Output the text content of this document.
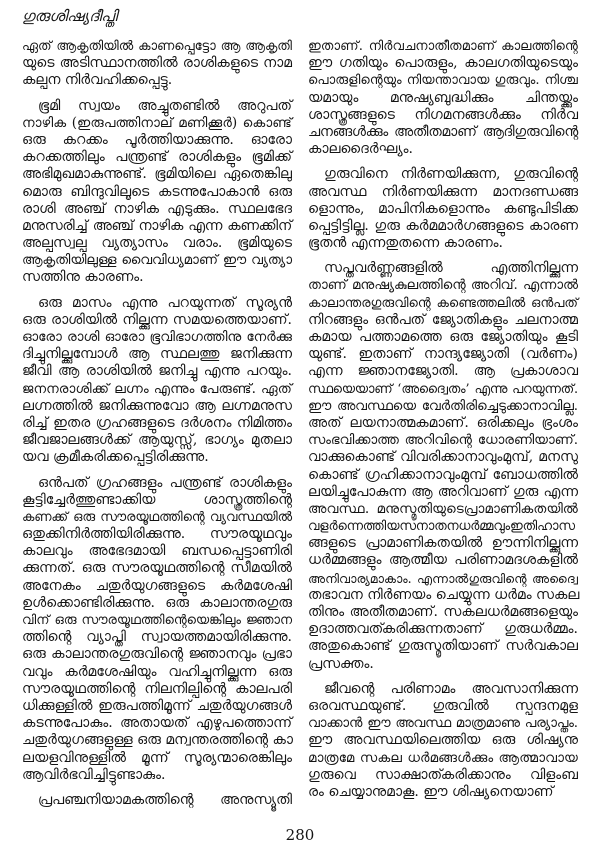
ഗുരുശിഷ്യദീപ്തി
ഏത് ആകൃതിയിൽ കാണപ്പെട്ടോ ആ ആകൃതി
യുടെ അടിസ്ഥാനത്തിൽ രാശികളുടെ നാമ
കല്പന നിർവഹിക്കപ്പെട്ടു.
ഭൂമി സ്വയം അച്ചുതണ്ടിൽ അറുപത്
നാഴിക (ഇരുപത്തിനാല് മണിക്കൂർ) കൊണ്ട്
ഒരു കറക്കം പൂർത്തിയാക്കുന്നു. ഓരോ
കറക്കത്തിലും പന്ത്രണ്ട് രാശികളും ഭൂമിക്ക്
അഭിമുഖമാകുന്നുണ്ട്. ഭൂമിയിലെ ഏതെങ്കിലു
മൊരു ബിന്ദുവിലൂടെ കടന്നുപോകാൻ ഒരു
രാശി അഞ്ച് നാഴിക എടുക്കും. സ്ഥലഭേദ
മനുസരിച്ച് അഞ്ച് നാഴിക എന്ന കണക്കിന്
അല്പസ്വല്പ വ്യത്യാസം വരാം. ഭൂമിയുടെ
ആകൃതിയിലുള്ള വൈവിധ്യമാണ് ഈ വ്യത്യാ
സത്തിനു കാരണം.
ഒരു മാസം എന്നു പറയുന്നത് സൂര്യൻ
ഒരു രാശിയിൽ നില്ക്കുന്ന സമയത്തെയാണ്.
ഓരോ രാശി ഓരോ ഭൂവിഭാഗത്തിനു നേർക്കു
ദിച്ചുനില്ക്കുമ്പോൾ ആ സ്ഥലത്തു ജനിക്കുന്ന
ജീവി ആ രാശിയിൽ ജനിച്ചു എന്നു പറയും.
ജനനരാശിക്ക് ലഗ്നം എന്നും പേരുണ്ട്. ഏത്
ലഗ്നത്തിൽ ജനിക്കുന്നുവോ ആ ലഗ്നമനുസ
രിച്ച് ഇതര ഗ്രഹങ്ങളുടെ ദർശനം നിമിത്തം
ജീവജാലങ്ങൾക്ക് ആയുസ്സ്, ഭാഗ്യം മുതലാ
യവ ക്രമീകരിക്കപ്പെട്ടിരിക്കുന്നു.
ഒൻപത് ഗ്രഹങ്ങളും പന്ത്രണ്ട് രാശികളും
കൂട്ടിച്ചേർത്തുണ്ടാക്കിയ ശാസ്ത്രത്തിന്റെ
കണക്ക് ഒരു സൗരയൂഥത്തിന്റെ വ്യവസ്ഥയിൽ
ഒതുക്കിനിർത്തിയിരിക്കുന്നു. സൗരയൂഥവും
കാലവും അഭേദമായി ബന്ധപ്പെട്ടാണിരി
ക്കുന്നത്. ഒരു സൗരയൂഥത്തിന്റെ സീമയിൽ
അനേകം ചതുർയുഗങ്ങളുടെ കർമശേഷി
ഉൾക്കൊണ്ടിരിക്കുന്നു. ഒരു കാലാന്തരഗുരു
വിന് ഒരു സൗരയൂഥത്തിന്റെയെങ്കിലും ജ്ഞാന
ത്തിന്റെ വ്യാപ്തി സ്വായത്തമായിരിക്കുന്നു.
ഒരു കാലാന്തരഗുരുവിന്റെ ജ്ഞാനവും പ്രഭാ
വവും കർമശേഷിയും വഹിച്ചുനില്ക്കുന്ന ഒരു
സൗരയൂഥത്തിന്റെ നിലനില്പിന്റെ കാലപരി
ധിക്കുള്ളിൽ ഇരുപത്തിമൂന്ന് ചതുർയുഗങ്ങൾ
കടന്നുപോകും. അതായത് എഴുപത്തൊന്ന്
ചതുർയുഗങ്ങളുള്ള ഒരു മന്വന്തരത്തിന്റെ കാ
ലയളവിനുള്ളിൽ മൂന്ന് സൂര്യന്മാരെങ്കിലും
ആവിർഭവിച്ചിട്ടുണ്ടാകും.
പ്രപഞ്ചനിയാമകത്തിന്റെ അനുസ്യൂതി
ഇതാണ്. നിർവചനാതീതമാണ് കാലത്തിന്റെ
ഈ ഗതിയും പൊരുളും, കാലഗതിയുടെയും
പൊരുളിന്റെയും നിയന്താവായ ഗുരുവും. നിശ്ച
യമായും മനുഷ്യബുദ്ധിക്കും ചിന്തയ്ക്കും
ശാസ്ത്രങ്ങളുടെ നിഗമനങ്ങൾക്കും നിർവ
ചനങ്ങൾക്കും അതീതമാണ് ആദിഗുരുവിന്റെ
കാലദൈർഘ്യം.
ഗുരുവിനെ നിർണയിക്കുന്ന, ഗുരുവിന്റെ
അവസ്ഥ നിർണയിക്കുന്ന മാനദണ്ഡങ്ങ
ളൊന്നും, മാപിനികളൊന്നും കണ്ടുപിടിക്ക
പ്പെട്ടിട്ടില്ല. ഗുരു കർമമാർഗങ്ങളുടെ കാരണ
ഭൂതൻ എന്നതുതന്നെ കാരണം.
സപ്തവർണ്ണങ്ങളിൽ എത്തിനില്ക്കുന്ന
താണ് മനുഷ്യകുലത്തിന്റെ അറിവ്. എന്നാൽ
കാലാന്തരഗുരുവിന്റെ കണ്ടെത്തലിൽ ഒൻപത്
നിറങ്ങളും ഒൻപത് ജ്യോതികളും ചലനാത്മ
കമായ പത്താമത്തെ ഒരു ജ്യോതിയും കൂടി
യുണ്ട്. ഇതാണ് നാന്ദ്യജ്യോതി (വർണം)
എന്ന ജ്ഞാനജ്യോതി. ആ പ്രകാശാവ
സ്ഥയെയാണ് ‘അദ്വൈതം’ എന്നു പറയുന്നത്.
ഈ അവസ്ഥയെ വേർതിരിച്ചെടുക്കാനാവില്ല.
അത് ലയനാത്മകമാണ്. ഒരിക്കലും ഭ്രംശം
സംഭവിക്കാത്ത അറിവിന്റെ ധോരണിയാണ്.
വാക്കുകൊണ്ട് വിവരിക്കാനാവുംമുമ്പ്, മനസു
കൊണ്ട് ഗ്രഹിക്കാനാവുംമുമ്പ് ബോധത്തിൽ
ലയിച്ചുപോകുന്ന ആ അറിവാണ് ഗുരു എന്ന
അവസ്ഥ. മനുസ്മൃതിയുടെപ്രാമാണികതയിൽ
വളർന്നെത്തിയസനാതനധർമ്മവുംഇതിഹാസ
ങ്ങളുടെ പ്രാമാണികതയിൽ ഊന്നിനില്ക്കുന്ന
ധർമ്മങ്ങളും ആത്മീയ പരിണാമദശകളിൽ
അനിവാര്യമാകാം. എന്നാൽഗുരുവിന്റെ അദ്വൈ
തഭാവന നിർണയം ചെയ്യുന്ന ധർമം സകല
തിനും അതീതമാണ്. സകലധർമങ്ങളെയും
ഉദാത്തവത്കരിക്കുന്നതാണ് ഗുരുധർമ്മം.
അതുകൊണ്ട് ഗുരുസ്മൃതിയാണ് സർവകാല
പ്രസക്തം.
ജീവന്റെ പരിണാമം അവസാനിക്കുന്ന
ഒരവസ്ഥയുണ്ട്. ഗുരുവിൽ സ്പന്ദനമുള
വാക്കാൻ ഈ അവസ്ഥ മാത്രമാണു പര്യാപ്തം.
ഈ അവസ്ഥയിലെത്തിയ ഒരു ശിഷ്യനു
മാത്രമേ സകല ധർമങ്ങൾക്കും ആത്മാവായ
ഗുരുവെ സാക്ഷാത്കരിക്കാനും വിളംബ
രം ചെയ്യാനുമാകൂ. ഈ ശിഷ്യനെയാണ്
280
